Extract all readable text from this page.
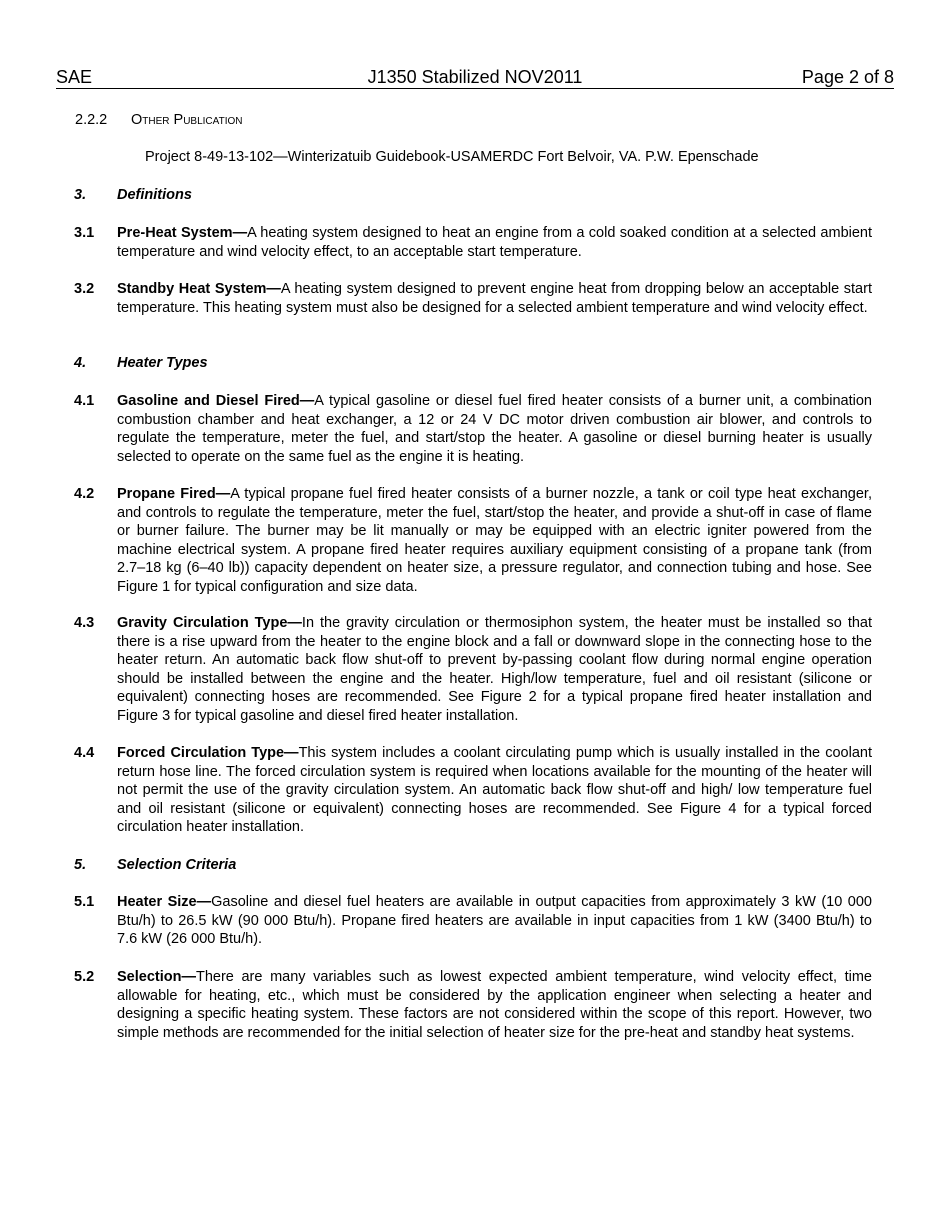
SAE	J1350 Stabilized NOV2011	Page 2 of 8
2.2.2 Other Publication
Project 8-49-13-102—Winterizatuib Guidebook-USAMERDC Fort Belvoir, VA. P.W. Epenschade
3.	Definitions
3.1	Pre-Heat System—A heating system designed to heat an engine from a cold soaked condition at a selected ambient temperature and wind velocity effect, to an acceptable start temperature.
3.2	Standby Heat System—A heating system designed to prevent engine heat from dropping below an acceptable start temperature. This heating system must also be designed for a selected ambient temperature and wind velocity effect.
4.	Heater Types
4.1	Gasoline and Diesel Fired—A typical gasoline or diesel fuel fired heater consists of a burner unit, a combination combustion chamber and heat exchanger, a 12 or 24 V DC motor driven combustion air blower, and controls to regulate the temperature, meter the fuel, and start/stop the heater. A gasoline or diesel burning heater is usually selected to operate on the same fuel as the engine it is heating.
4.2	Propane Fired—A typical propane fuel fired heater consists of a burner nozzle, a tank or coil type heat exchanger, and controls to regulate the temperature, meter the fuel, start/stop the heater, and provide a shut-off in case of flame or burner failure. The burner may be lit manually or may be equipped with an electric igniter powered from the machine electrical system. A propane fired heater requires auxiliary equipment consisting of a propane tank (from 2.7–18 kg (6–40 lb)) capacity dependent on heater size, a pressure regulator, and connection tubing and hose. See Figure 1 for typical configuration and size data.
4.3	Gravity Circulation Type—In the gravity circulation or thermosiphon system, the heater must be installed so that there is a rise upward from the heater to the engine block and a fall or downward slope in the connecting hose to the heater return. An automatic back flow shut-off to prevent by-passing coolant flow during normal engine operation should be installed between the engine and the heater. High/low temperature, fuel and oil resistant (silicone or equivalent) connecting hoses are recommended. See Figure 2 for a typical propane fired heater installation and Figure 3 for typical gasoline and diesel fired heater installation.
4.4	Forced Circulation Type—This system includes a coolant circulating pump which is usually installed in the coolant return hose line. The forced circulation system is required when locations available for the mounting of the heater will not permit the use of the gravity circulation system. An automatic back flow shut-off and high/ low temperature fuel and oil resistant (silicone or equivalent) connecting hoses are recommended. See Figure 4 for a typical forced circulation heater installation.
5.	Selection Criteria
5.1	Heater Size—Gasoline and diesel fuel heaters are available in output capacities from approximately 3 kW (10 000 Btu/h) to 26.5 kW (90 000 Btu/h). Propane fired heaters are available in input capacities from 1 kW (3400 Btu/h) to 7.6 kW (26 000 Btu/h).
5.2	Selection—There are many variables such as lowest expected ambient temperature, wind velocity effect, time allowable for heating, etc., which must be considered by the application engineer when selecting a heater and designing a specific heating system. These factors are not considered within the scope of this report. However, two simple methods are recommended for the initial selection of heater size for the pre-heat and standby heat systems.
